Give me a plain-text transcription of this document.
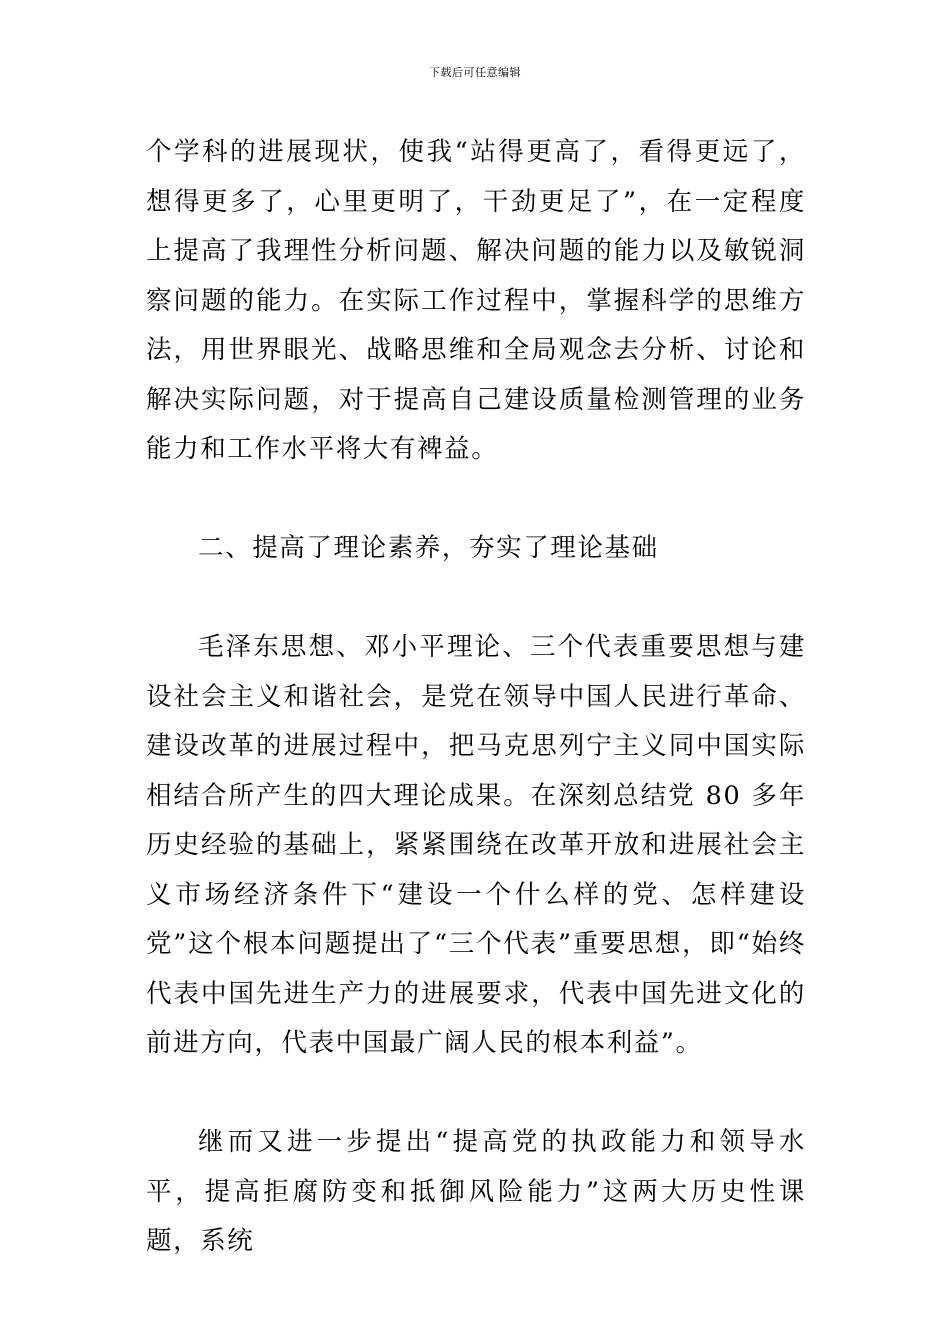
下载后可任意编辑

个学科的进展现状，使我“站得更高了，看得更远了，想得更多了，心里更明了，干劲更足了”，在一定程度上提高了我理性分析问题、解决问题的能力以及敏锐洞察问题的能力。在实际工作过程中，掌握科学的思维方法，用世界眼光、战略思维和全局观念去分析、讨论和解决实际问题，对于提高自己建设质量检测管理的业务能力和工作水平将大有裨益。

二、提高了理论素养，夯实了理论基础

毛泽东思想、邓小平理论、三个代表重要思想与建设社会主义和谐社会，是党在领导中国人民进行革命、建设改革的进展过程中，把马克思列宁主义同中国实际相结合所产生的四大理论成果。在深刻总结党 80 多年历史经验的基础上，紧紧围绕在改革开放和进展社会主义市场经济条件下“建设一个什么样的党、怎样建设党”这个根本问题提出了“三个代表”重要思想，即“始终代表中国先进生产力的进展要求，代表中国先进文化的前进方向，代表中国最广阔人民的根本利益”。

继而又进一步提出“提高党的执政能力和领导水平，提高拒腐防变和抵御风险能力”这两大历史性课题，系统
